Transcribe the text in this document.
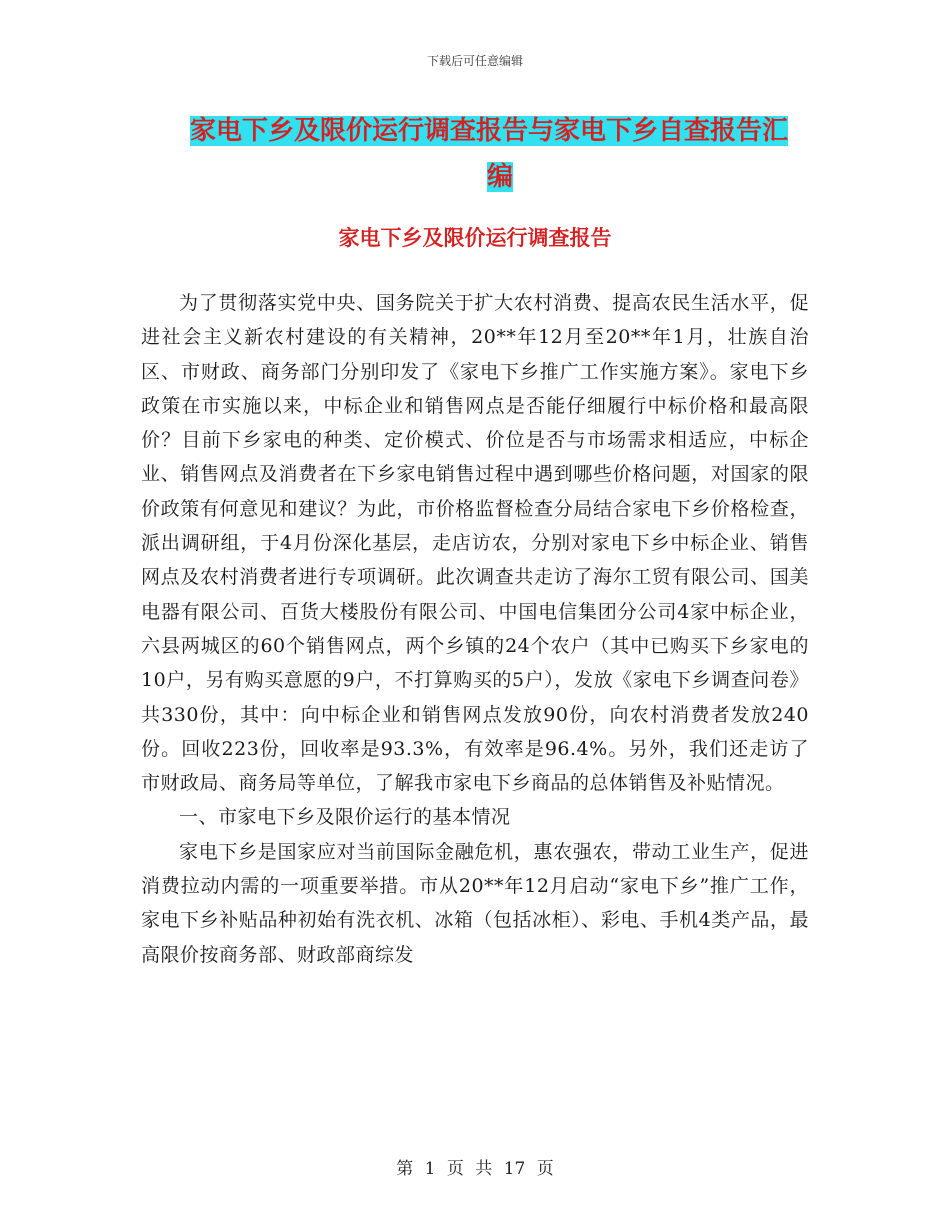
下载后可任意编辑
家电下乡及限价运行调查报告与家电下乡自查报告汇
编
家电下乡及限价运行调查报告

为了贯彻落实党中央、国务院关于扩大农村消费、提高农民生活水平，促进社会主义新农村建设的有关精神，20**年12月至20**年1月，壮族自治区、市财政、商务部门分别印发了《家电下乡推广工作实施方案》。家电下乡政策在市实施以来，中标企业和销售网点是否能仔细履行中标价格和最高限价？目前下乡家电的种类、定价模式、价位是否与市场需求相适应，中标企业、销售网点及消费者在下乡家电销售过程中遇到哪些价格问题，对国家的限价政策有何意见和建议？为此，市价格监督检查分局结合家电下乡价格检查，派出调研组，于4月份深化基层，走店访农，分别对家电下乡中标企业、销售网点及农村消费者进行专项调研。此次调查共走访了海尔工贸有限公司、国美电器有限公司、百货大楼股份有限公司、中国电信集团分公司4家中标企业，六县两城区的60个销售网点，两个乡镇的24个农户（其中已购买下乡家电的10户，另有购买意愿的9户，不打算购买的5户），发放《家电下乡调查问卷》共330份，其中：向中标企业和销售网点发放90份，向农村消费者发放240份。回收223份，回收率是93.3%，有效率是96.4%。另外，我们还走访了市财政局、商务局等单位，了解我市家电下乡商品的总体销售及补贴情况。

一、市家电下乡及限价运行的基本情况

家电下乡是国家应对当前国际金融危机，惠农强农，带动工业生产，促进消费拉动内需的一项重要举措。市从20**年12月启动“家电下乡”推广工作，家电下乡补贴品种初始有洗衣机、冰箱（包括冰柜）、彩电、手机4类产品，最高限价按商务部、财政部商综发

第 1 页 共 17 页
